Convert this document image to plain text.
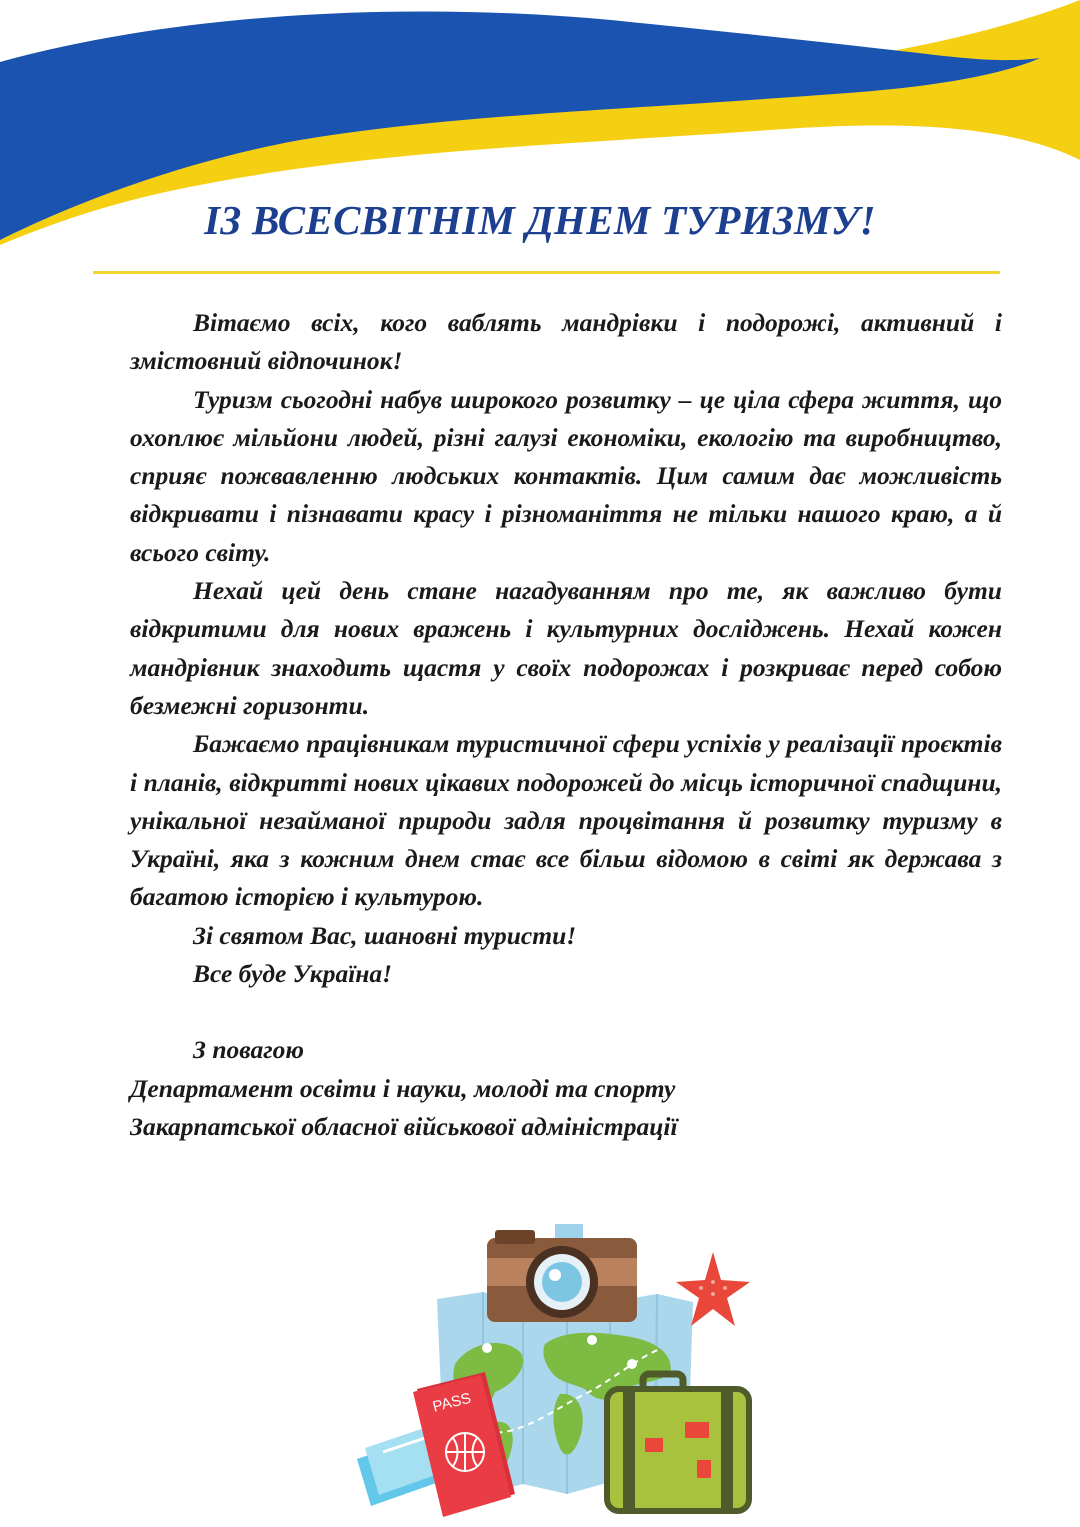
ІЗ ВСЕСВІТНІМ ДНЕМ ТУРИЗМУ!

Вітаємо всіх, кого ваблять мандрівки і подорожі, активний і змістовний відпочинок!

Туризм сьогодні набув широкого розвитку – це ціла сфера життя, що охоплює мільйони людей, різні галузі економіки, екологію та виробництво, сприяє пожвавленню людських контактів. Цим самим дає можливість відкривати і пізнавати красу і різноманіття не тільки нашого краю, а й всього світу.

Нехай цей день стане нагадуванням про те, як важливо бути відкритими для нових вражень і культурних досліджень. Нехай кожен мандрівник знаходить щастя у своїх подорожах і розкриває перед собою безмежні горизонти.

Бажаємо працівникам туристичної сфери успіхів у реалізації проєктів і планів, відкритті нових цікавих подорожей до місць історичної спадщини, унікальної незайманої природи задля процвітання й розвитку туризму в Україні, яка з кожним днем стає все більш відомою в світі як держава з багатою історією і культурою.

Зі святом Вас, шановні туристи!

Все буде Україна!

З повагою

Департамент освіти і науки, молоді та спорту

Закарпатської обласної військової адміністрації

PASS
